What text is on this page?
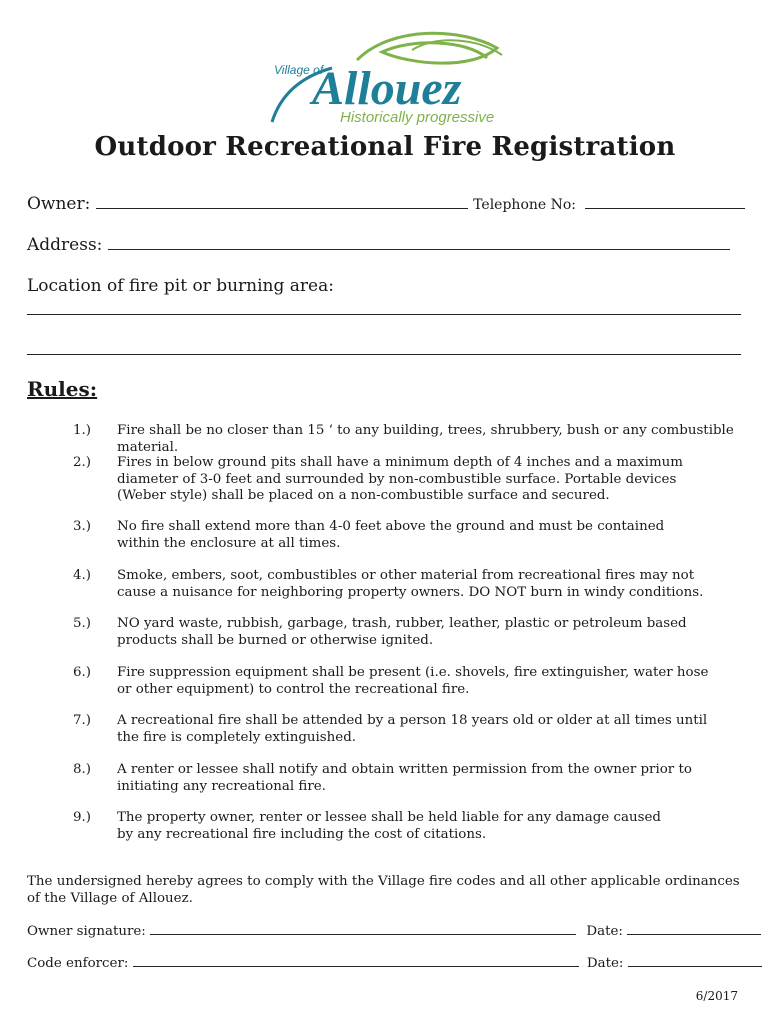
Village of
Allouez
Historically progressive
Outdoor Recreational Fire Registration
Owner:	Telephone No:
Address:
Location of fire pit or burning area:
Rules:
1.) Fire shall be no closer than 15 ‘ to any building, trees, shrubbery, bush or any combustible material.
2.) Fires in below ground pits shall have a minimum depth of 4 inches and a maximum diameter of 3-0 feet and surrounded by non-combustible surface. Portable devices (Weber style) shall be placed on a non-combustible surface and secured.
3.) No fire shall extend more than 4-0 feet above the ground and must be contained within the enclosure at all times.
4.) Smoke, embers, soot, combustibles or other material from recreational fires may not cause a nuisance for neighboring property owners. DO NOT burn in windy conditions.
5.) NO yard waste, rubbish, garbage, trash, rubber, leather, plastic or petroleum based products shall be burned or otherwise ignited.
6.) Fire suppression equipment shall be present (i.e. shovels, fire extinguisher, water hose or other equipment) to control the recreational fire.
7.) A recreational fire shall be attended by a person 18 years old or older at all times until the fire is completely extinguished.
8.) A renter or lessee shall notify and obtain written permission from the owner prior to initiating any recreational fire.
9.) The property owner, renter or lessee shall be held liable for any damage caused by any recreational fire including the cost of citations.
The undersigned hereby agrees to comply with the Village fire codes and all other applicable ordinances of the Village of Allouez.
Owner signature:	Date:
Code enforcer:	Date:
6/2017
